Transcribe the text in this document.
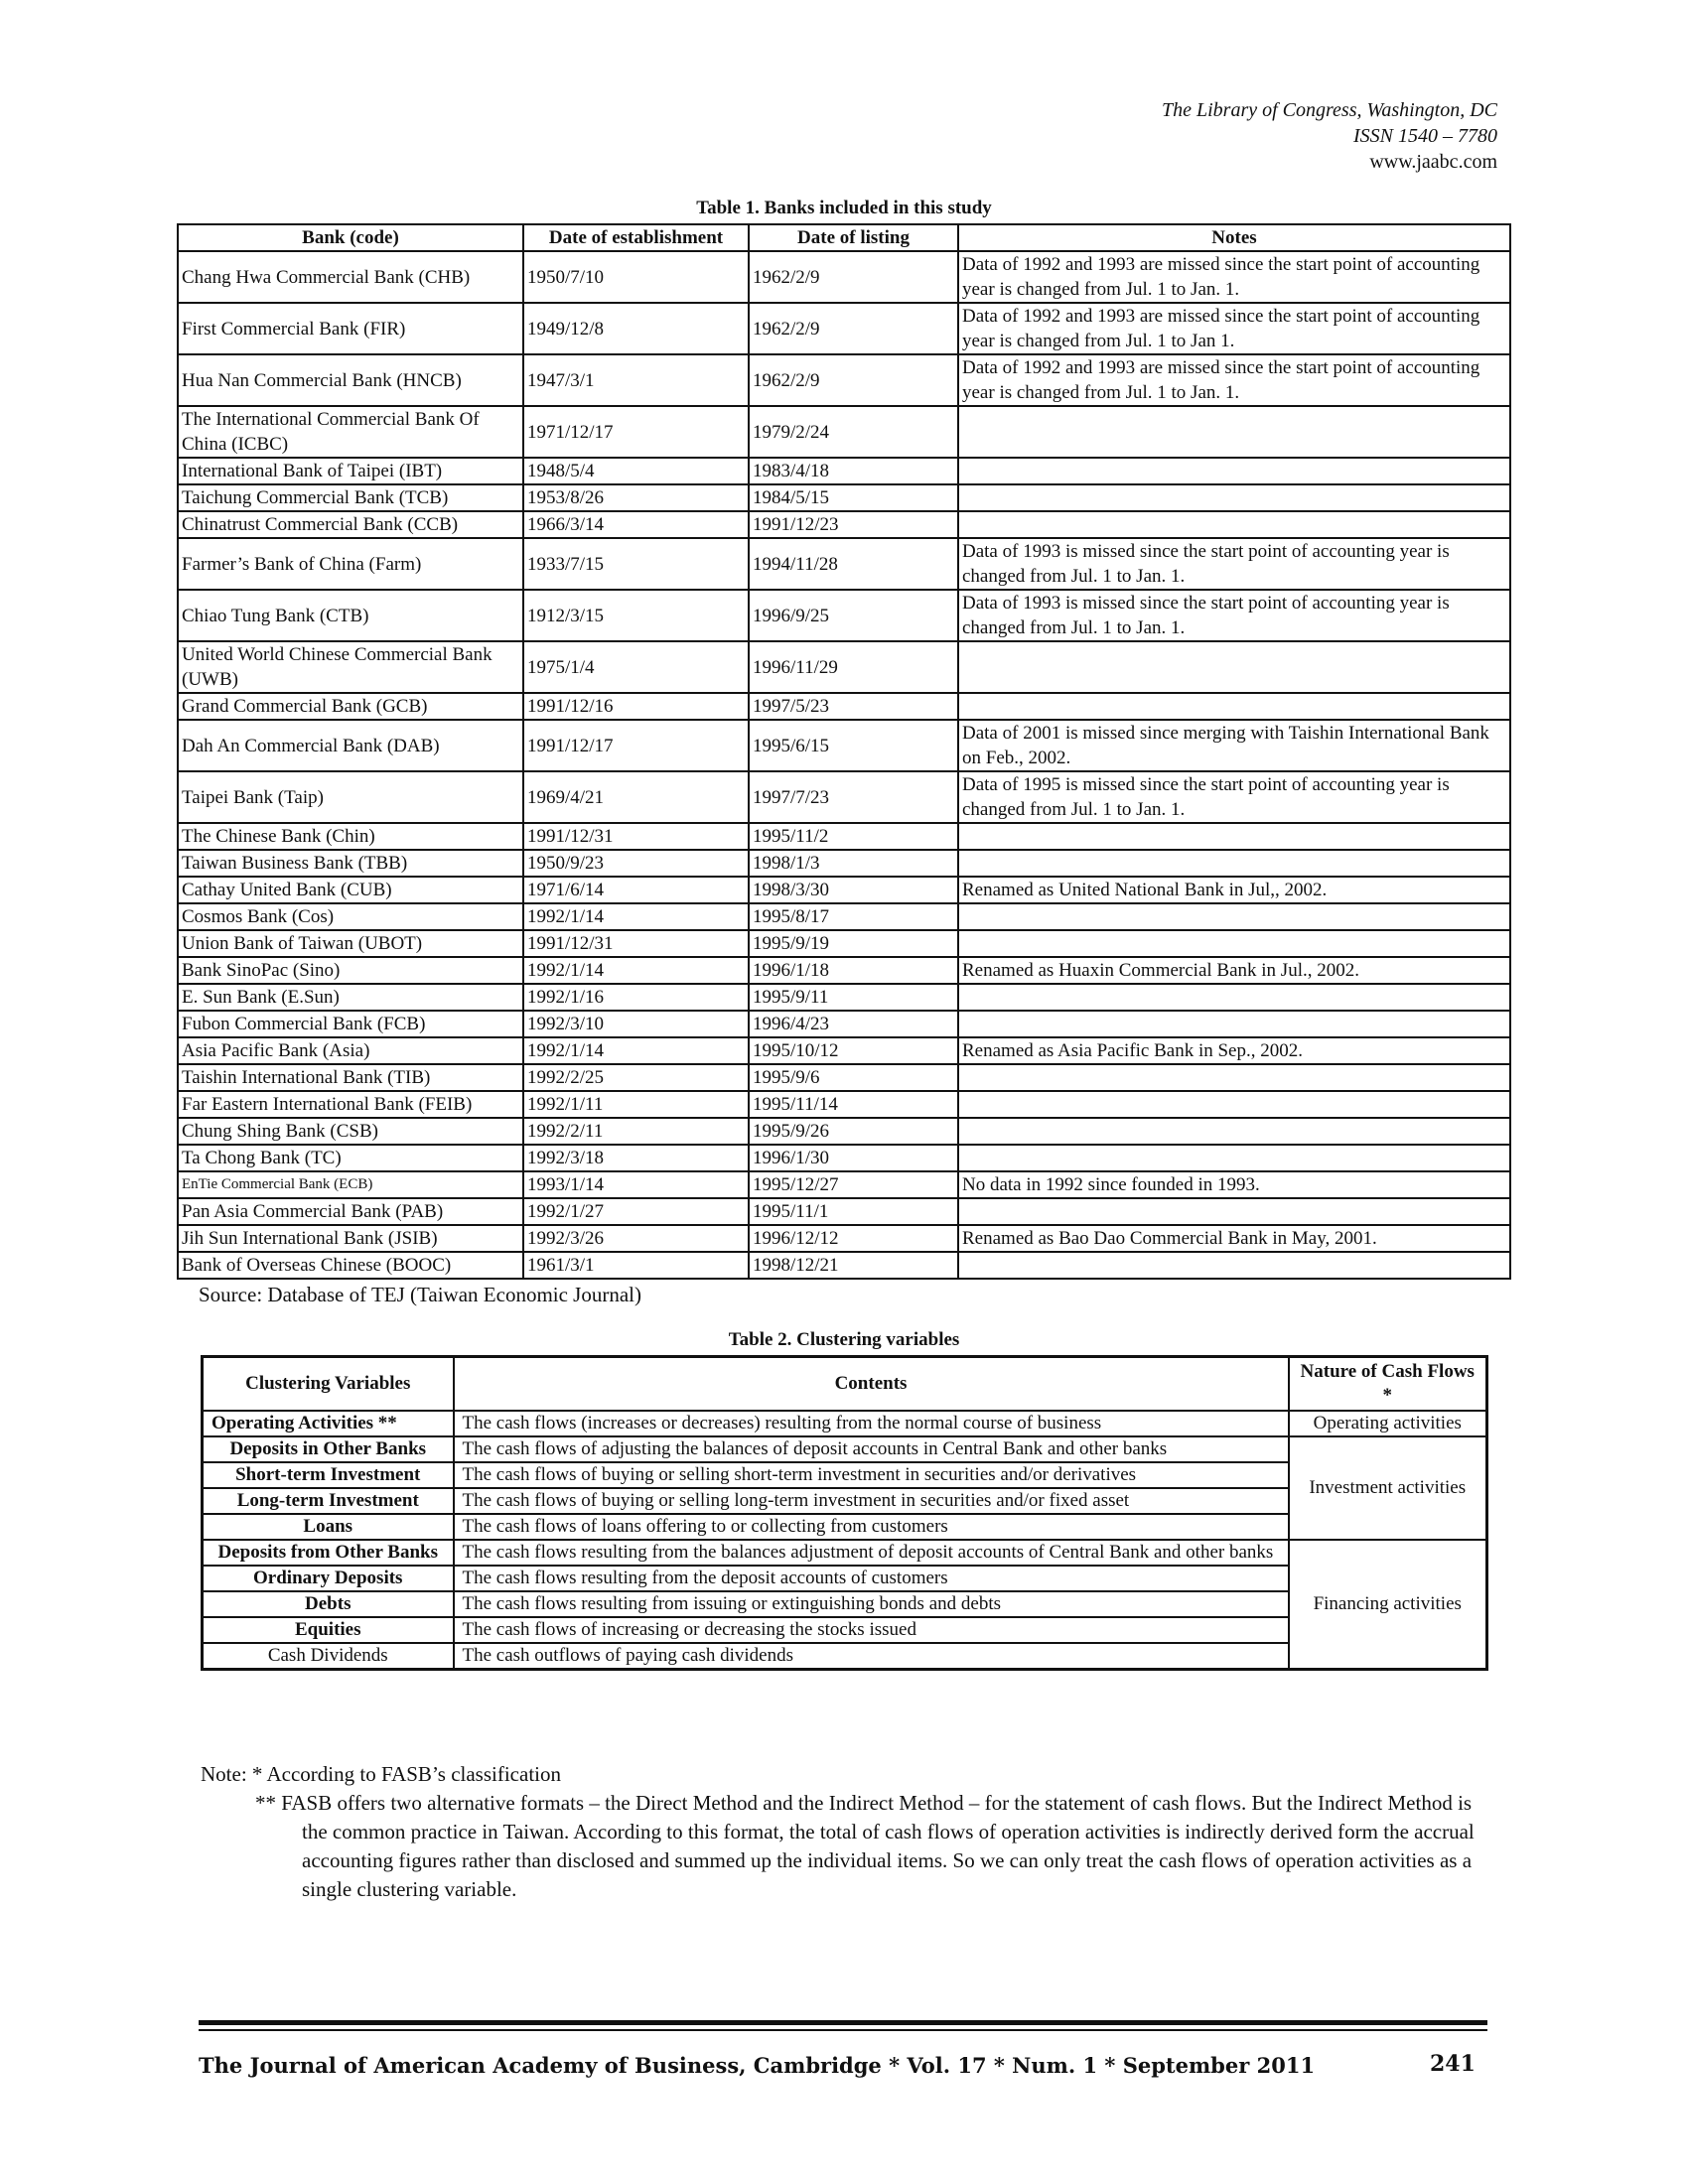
The Library of Congress, Washington, DC
ISSN 1540 – 7780
www.jaabc.com
Table 1. Banks included in this study
Bank (code)	Date of establishment	Date of listing	Notes
Chang Hwa Commercial Bank (CHB)	1950/7/10	1962/2/9	Data of 1992 and 1993 are missed since the start point of accounting year is changed from Jul. 1 to Jan. 1.
First Commercial Bank (FIR)	1949/12/8	1962/2/9	Data of 1992 and 1993 are missed since the start point of accounting year is changed from Jul. 1 to Jan 1.
Hua Nan Commercial Bank (HNCB)	1947/3/1	1962/2/9	Data of 1992 and 1993 are missed since the start point of accounting year is changed from Jul. 1 to Jan. 1.
The International Commercial Bank Of China (ICBC)	1971/12/17	1979/2/24	
International Bank of Taipei (IBT)	1948/5/4	1983/4/18	
Taichung Commercial Bank (TCB)	1953/8/26	1984/5/15	
Chinatrust Commercial Bank (CCB)	1966/3/14	1991/12/23	
Farmer’s Bank of China (Farm)	1933/7/15	1994/11/28	Data of 1993 is missed since the start point of accounting year is changed from Jul. 1 to Jan. 1.
Chiao Tung Bank (CTB)	1912/3/15	1996/9/25	Data of 1993 is missed since the start point of accounting year is changed from Jul. 1 to Jan. 1.
United World Chinese Commercial Bank (UWB)	1975/1/4	1996/11/29	
Grand Commercial Bank (GCB)	1991/12/16	1997/5/23	
Dah An Commercial Bank (DAB)	1991/12/17	1995/6/15	Data of 2001 is missed since merging with Taishin International Bank on Feb., 2002.
Taipei Bank (Taip)	1969/4/21	1997/7/23	Data of 1995 is missed since the start point of accounting year is changed from Jul. 1 to Jan. 1.
The Chinese Bank (Chin)	1991/12/31	1995/11/2	
Taiwan Business Bank (TBB)	1950/9/23	1998/1/3	
Cathay United Bank (CUB)	1971/6/14	1998/3/30	Renamed as United National Bank in Jul,, 2002.
Cosmos Bank (Cos)	1992/1/14	1995/8/17	
Union Bank of Taiwan (UBOT)	1991/12/31	1995/9/19	
Bank SinoPac (Sino)	1992/1/14	1996/1/18	Renamed as Huaxin Commercial Bank in Jul., 2002.
E. Sun Bank (E.Sun)	1992/1/16	1995/9/11	
Fubon Commercial Bank (FCB)	1992/3/10	1996/4/23	
Asia Pacific Bank (Asia)	1992/1/14	1995/10/12	Renamed as Asia Pacific Bank in Sep., 2002.
Taishin International Bank (TIB)	1992/2/25	1995/9/6	
Far Eastern International Bank (FEIB)	1992/1/11	1995/11/14	
Chung Shing Bank (CSB)	1992/2/11	1995/9/26	
Ta Chong Bank (TC)	1992/3/18	1996/1/30	
EnTie Commercial Bank (ECB)	1993/1/14	1995/12/27	No data in 1992 since founded in 1993.
Pan Asia Commercial Bank (PAB)	1992/1/27	1995/11/1	
Jih Sun International Bank (JSIB)	1992/3/26	1996/12/12	Renamed as Bao Dao Commercial Bank in May, 2001.
Bank of Overseas Chinese (BOOC)	1961/3/1	1998/12/21	
Source: Database of TEJ (Taiwan Economic Journal)
Table 2. Clustering variables
Clustering Variables	Contents	Nature of Cash Flows *
Operating Activities **	The cash flows (increases or decreases) resulting from the normal course of business	Operating activities
Deposits in Other Banks	The cash flows of adjusting the balances of deposit accounts in Central Bank and other banks	Investment activities
Short-term Investment	The cash flows of buying or selling short-term investment in securities and/or derivatives	
Long-term Investment	The cash flows of buying or selling long-term investment in securities and/or fixed asset	
Loans	The cash flows of loans offering to or collecting from customers	
Deposits from Other Banks	The cash flows resulting from the balances adjustment of deposit accounts of Central Bank and other banks	Financing activities
Ordinary Deposits	The cash flows resulting from the deposit accounts of customers	
Debts	The cash flows resulting from issuing or extinguishing bonds and debts	
Equities	The cash flows of increasing or decreasing the stocks issued	
Cash Dividends	The cash outflows of paying cash dividends	
Note: * According to FASB’s classification
** FASB offers two alternative formats – the Direct Method and the Indirect Method – for the statement of cash flows. But the Indirect Method is the common practice in Taiwan. According to this format, the total of cash flows of operation activities is indirectly derived form the accrual accounting figures rather than disclosed and summed up the individual items. So we can only treat the cash flows of operation activities as a single clustering variable.
The Journal of American Academy of Business, Cambridge * Vol. 17 * Num. 1 * September 2011	241
